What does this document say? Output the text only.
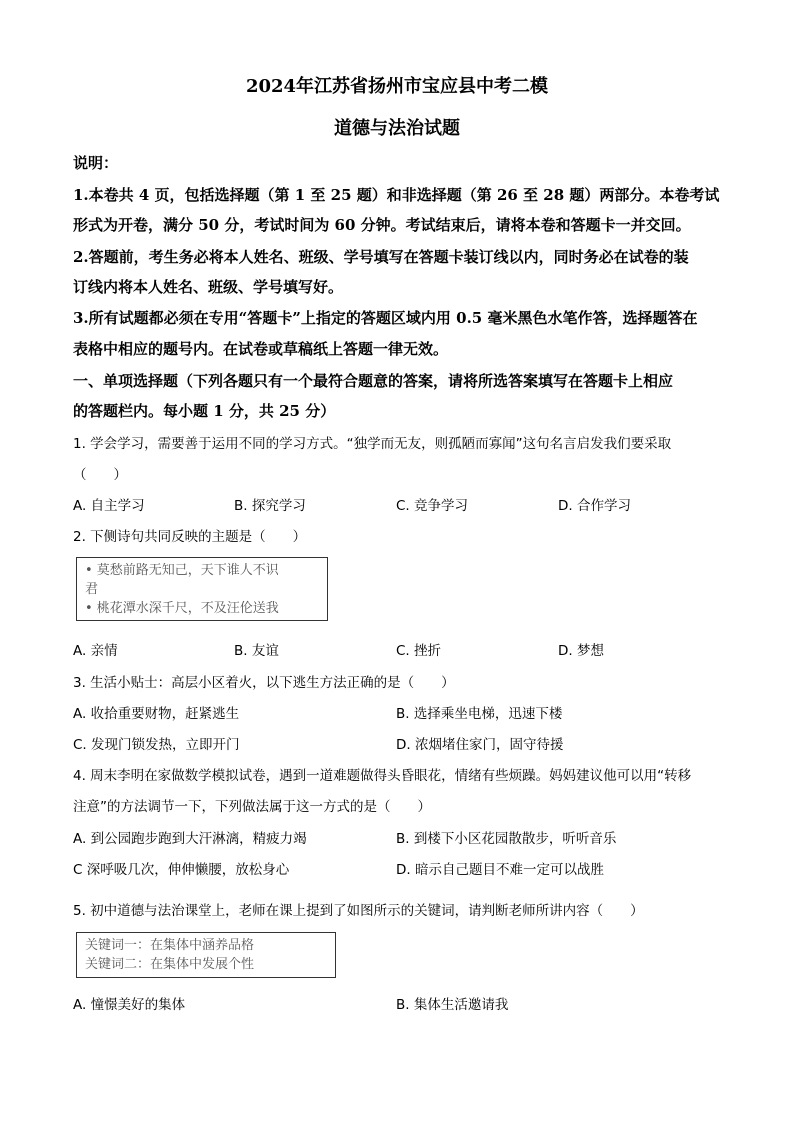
2024年江苏省扬州市宝应县中考二模
道德与法治试题
说明：
1.本卷共 4 页，包括选择题（第 1 至 25 题）和非选择题（第 26 至 28 题）两部分。本卷考试
形式为开卷，满分 50 分，考试时间为 60 分钟。考试结束后，请将本卷和答题卡一并交回。
2.答题前，考生务必将本人姓名、班级、学号填写在答题卡装订线以内，同时务必在试卷的装
订线内将本人姓名、班级、学号填写好。
3.所有试题都必须在专用“答题卡”上指定的答题区域内用 0.5 毫米黑色水笔作答，选择题答在
表格中相应的题号内。在试卷或草稿纸上答题一律无效。
一、单项选择题（下列各题只有一个最符合题意的答案，请将所选答案填写在答题卡上相应
的答题栏内。每小题 1 分，共 25 分）
1. 学会学习，需要善于运用不同的学习方式。“独学而无友，则孤陋而寡闻”这句名言启发我们要采取
（　　）
A. 自主学习	B. 探究学习	C. 竞争学习	D. 合作学习
2. 下侧诗句共同反映的主题是（　　）
• 莫愁前路无知己，天下谁人不识
君
• 桃花潭水深千尺，不及汪伦送我
A. 亲情	B. 友谊	C. 挫折	D. 梦想
3. 生活小贴士：高层小区着火，以下逃生方法正确的是（　　）
A. 收拾重要财物，赶紧逃生	B. 选择乘坐电梯，迅速下楼
C. 发现门锁发热，立即开门	D. 浓烟堵住家门，固守待援
4. 周末李明在家做数学模拟试卷，遇到一道难题做得头昏眼花，情绪有些烦躁。妈妈建议他可以用“转移
注意”的方法调节一下，下列做法属于这一方式的是（　　）
A. 到公园跑步跑到大汗淋漓，精疲力竭	B. 到楼下小区花园散散步，听听音乐
C 深呼吸几次，伸伸懒腰，放松身心	D. 暗示自己题目不难一定可以战胜
5. 初中道德与法治课堂上，老师在课上提到了如图所示的关键词，请判断老师所讲内容（　　）
关键词一：在集体中涵养品格
关键词二：在集体中发展个性
A. 憧憬美好的集体	B. 集体生活邀请我
